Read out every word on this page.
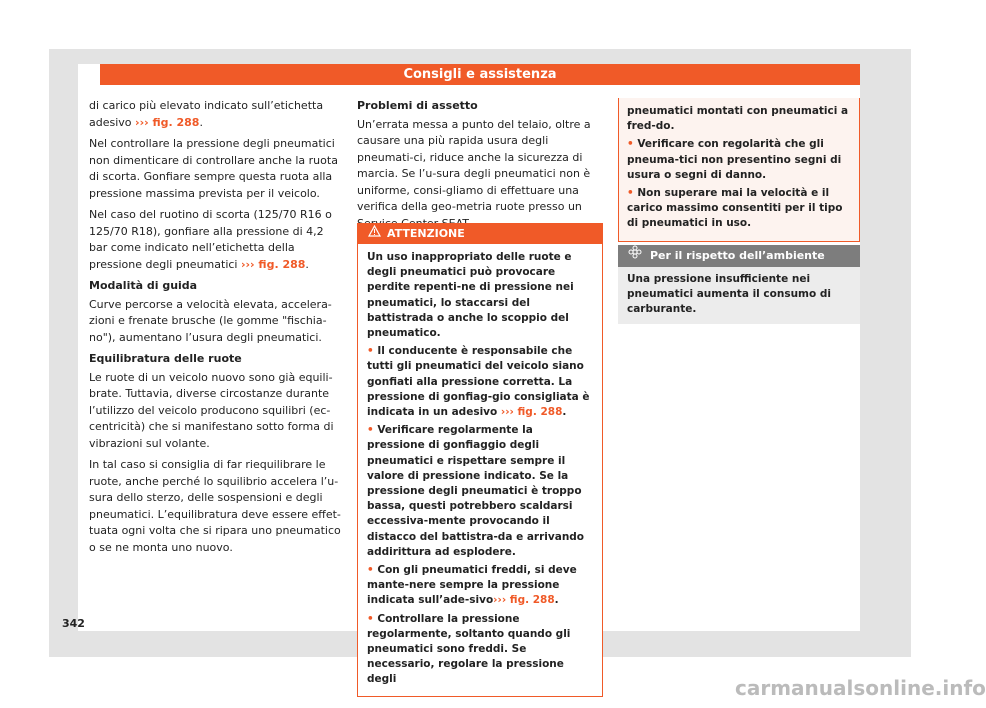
Consigli e assistenza

di carico più elevato indicato sull’etichetta adesivo ››› fig. 288.

Nel controllare la pressione degli pneumatici non dimenticare di controllare anche la ruota di scorta. Gonfiare sempre questa ruota alla pressione massima prevista per il veicolo.

Nel caso del ruotino di scorta (125/70 R16 o 125/70 R18), gonfiare alla pressione di 4,2 bar come indicato nell’etichetta della pressione degli pneumatici ››› fig. 288.

Modalità di guida

Curve percorse a velocità elevata, accelera-zioni e frenate brusche (le gomme "fischia-no"), aumentano l’usura degli pneumatici.

Equilibratura delle ruote

Le ruote di un veicolo nuovo sono già equili-brate. Tuttavia, diverse circostanze durante l’utilizzo del veicolo producono squilibri (ec-centricità) che si manifestano sotto forma di vibrazioni sul volante.

In tal caso si consiglia di far riequilibrare le ruote, anche perché lo squilibrio accelera l’u-sura dello sterzo, delle sospensioni e degli pneumatici. L’equilibratura deve essere effet-tuata ogni volta che si ripara uno pneumatico o se ne monta uno nuovo.

Problemi di assetto

Un’errata messa a punto del telaio, oltre a causare una più rapida usura degli pneumati-ci, riduce anche la sicurezza di marcia. Se l’u-sura degli pneumatici non è uniforme, consi-gliamo di effettuare una verifica della geo-metria ruote presso un

ATTENZIONE

Un uso inappropriato delle ruote e degli pneumatici può provocare perdite repenti-ne di pressione nei pneumatici, lo staccarsi del battistrada o anche lo scoppio del pneumatico.

• Il conducente è responsabile che tutti gli pneumatici del veicolo siano gonfiati alla pressione corretta. La pressione di gonfiag-gio consigliata è indicata in un adesivo ››› fig. 288.

• Verificare regolarmente la pressione di gonfiaggio degli pneumatici e rispettare sempre il valore di pressione indicato. Se la pressione degli pneumatici è troppo bassa, questi potrebbero scaldarsi eccessiva-mente provocando il distacco del battistra-da e arrivando addirittura ad esplodere.

• Con gli pneumatici freddi, si deve mante-nere sempre la pressione indicata sull’ade-sivo››› fig. 288.

• Controllare la pressione regolarmente, soltanto quando gli pneumatici sono freddi. Se necessario, regolare la pressione degli

pneumatici montati con pneumatici a fred-do.

• Verificare con regolarità che gli pneuma-tici non presentino segni di usura o segni di danno.

• Non superare mai la velocità e il carico massimo consentiti per il tipo di pneumatici in uso.

Per il rispetto dell’ambiente
Una pressione insufficiente nei pneumatici aumenta il consumo di carburante.
342
carmanualsonline.info
